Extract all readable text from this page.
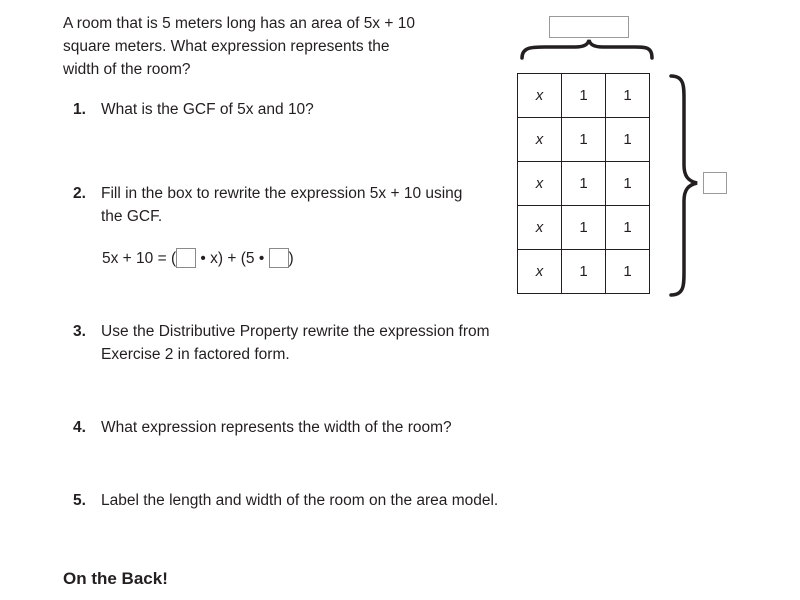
A room that is 5 meters long has an area of 5x + 10 square meters. What expression represents the width of the room?
1. What is the GCF of 5x and 10?
2. Fill in the box to rewrite the expression 5x + 10 using the GCF.
5x + 10 = ( • x) + (5 • )
3. Use the Distributive Property rewrite the expression from Exercise 2 in factored form.
4. What expression represents the width of the room?
5. Label the length and width of the room on the area model.
On the Back!
x	1	1
x	1	1
x	1	1
x	1	1
x	1	1
